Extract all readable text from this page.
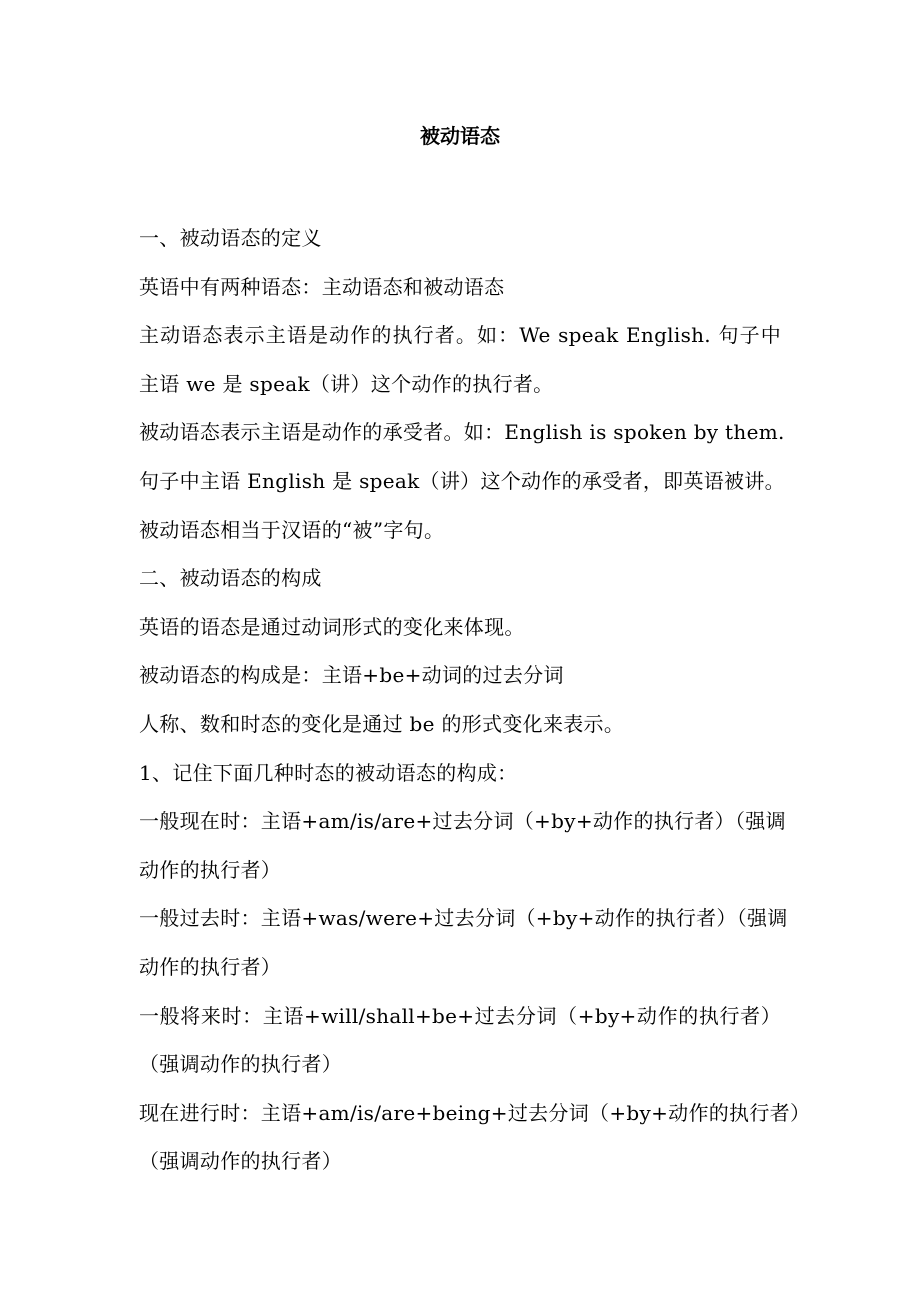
被动语态
一、被动语态的定义
英语中有两种语态：主动语态和被动语态
主动语态表示主语是动作的执行者。如：We speak English. 句子中
主语 we 是 speak（讲）这个动作的执行者。
被动语态表示主语是动作的承受者。如：English is spoken by them.
句子中主语 English 是 speak（讲）这个动作的承受者，即英语被讲。
被动语态相当于汉语的“被”字句。
二、被动语态的构成
英语的语态是通过动词形式的变化来体现。
被动语态的构成是：主语+be+动词的过去分词
人称、数和时态的变化是通过 be 的形式变化来表示。
1、记住下面几种时态的被动语态的构成：
一般现在时：主语+am/is/are+过去分词（+by+动作的执行者）（强调
动作的执行者）
一般过去时：主语+was/were+过去分词（+by+动作的执行者）（强调
动作的执行者）
一般将来时：主语+will/shall+be+过去分词（+by+动作的执行者）
（强调动作的执行者）
现在进行时：主语+am/is/are+being+过去分词（+by+动作的执行者）
（强调动作的执行者）
